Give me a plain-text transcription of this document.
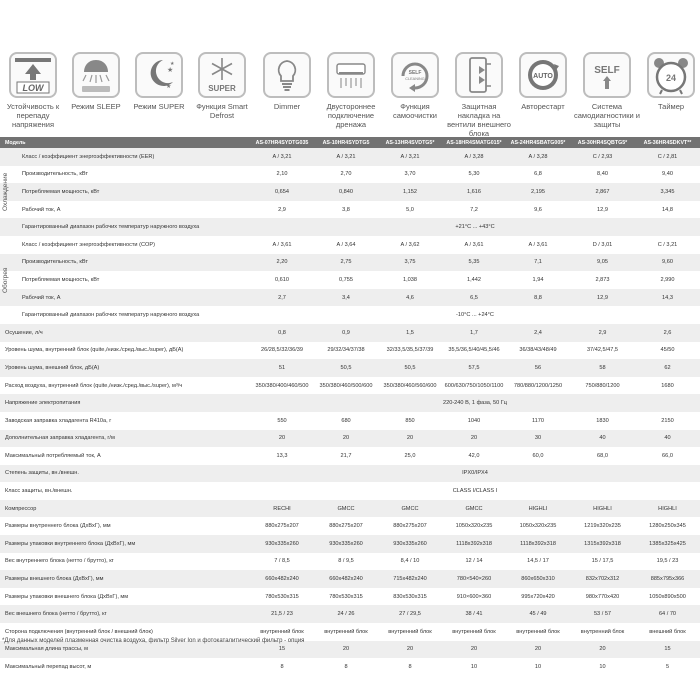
LOW
Устойчивость к перепаду напряжения
Режим SLEEP
★
★
★
Режим SUPER
SUPER
Функция Smart Defrost
Dimmer	Двустороннее подключение дренажа
SELF
CLEANING
Функция самоочистки
Защитная накладка на вентили внешнего блока
AUTO
Авторестарт
SELF
Система самодиагностики и защиты
24
Таймер
Модель	AS-07HR4SYDTG035	AS-10HR4SYDTG5	AS-13HR4SVDTG5*	AS-18HR4SMATG015*	AS-24HR4SBATG005*	AS-30HR4SQBTG5*	AS-36HR4SDKVT**
Класс / коэффициент энергоэффективности (EER)	A / 3,21	A / 3,21	A / 3,21	A / 3,28	A / 3,28	C / 2,93	C / 2,81
Производительность, кВт	2,10	2,70	3,70	5,30	6,8	8,40	9,40
Потребляемая мощность, кВт	0,654	0,840	1,152	1,616	2,195	2,867	3,345
Рабочий ток, А	2,9	3,8	5,0	7,2	9,6	12,9	14,8
Гарантированный диапазон рабочих температур наружного воздуха	+21°C ... +43°C						
Класс / коэффициент энергоэффективности (COP)	A / 3,61	A / 3,64	A / 3,62	A / 3,61	A / 3,61	D / 3,01	C / 3,21
Производительность, кВт	2,20	2,75	3,75	5,35	7,1	9,05	9,60
Потребляемая мощность, кВт	0,610	0,755	1,038	1,442	1,94	2,873	2,990
Рабочий ток, А	2,7	3,4	4,6	6,5	8,8	12,9	14,3
Гарантированный диапазон рабочих температур наружного воздуха	-10°C ... +24°C						
Осушение, л/ч	0,8	0,9	1,5	1,7	2,4	2,9	2,6
Уровень шума, внутренний блок (quite,/низк./сред./выс./super), дБ(А)	26/28,5/32/36/39	29/32/34/37/38	32/33,5/35,5/37/39	35,5/36,5/40/45,5/46	36/38/43/48/49	37/42,5/47,5	45/50
Уровень шума, внешний блок, дБ(А)	51	50,5	50,5	57,5	56	58	62
Расход воздуха, внутренний блок (quite,/низк./сред./выс./super), м³/ч	350/380/400/460/500	350/380/460/500/600	350/380/460/560/600	600/630/750/1050/1100	780/880/1200/1250	750/880/1200	1680
Напряжение электропитания	220-240 В, 1 фаза, 50 Гц						
Заводская заправка хладагента R410a, г	550	680	850	1040	1170	1830	2150
Дополнительная заправка хладагента, г/м	20	20	20	20	30	40	40
Максимальный потребляемый ток, А	13,3	21,7	25,0	42,0	60,0	68,0	66,0
Степень защиты, вн./внешн.	IPX0/IPX4						
Класс защиты, вн./внешн.	CLASS I/CLASS I						
Компрессор	RECHI	GMCC	GMCC	GMCC	HIGHLI	HIGHLI	HIGHLI
Размеры внутреннего блока (ДхВхГ), мм	880x275x207	880x275x207	880x275x207	1050x320x235	1050x320x235	1219x320x235	1280x250x345
Размеры упаковки внутреннего блока (ДхВхГ), мм	930x335x260	930x335x260	930x335x260	1118x392x318	1118x392x318	1315x392x318	1385x325x425
Вес внутреннего блока (нетто / брутто), кг	7 / 8,5	8 / 9,5	8,4 / 10	12 / 14	14,5 / 17	15 / 17,5	19,5 / 23
Размеры внешнего блока (ДхВхГ), мм	660x482x240	660x482x240	715x482x240	780×540×260	860x650x310	832x702x312	885x795x366
Размеры упаковки внешнего блока (ДхВхГ), мм	780x530x315	780x530x315	830x530x315	910×600×360	995x720x420	980x770x420	1050x890x500
Вес внешнего блока (нетто / брутто), кг	21,5 / 23	24 / 26	27 / 29,5	38 / 41	45 / 49	53 / 57	64 / 70
Сторона подключения (внутренний блок / внешний блок)	внутренний блок	внутренний блок	внутренний блок	внутренний блок	внутренний блок	внутренний блок	внешний блок
Максимальная длина трассы, м	15	20	20	20	20	20	15
Максимальный перепад высот, м	8	8	8	10	10	10	5
*Для данных моделей плазменная очистка воздуха, фильтр Silver Ion и фотокаталитический фильтр - опция
Охлаждение
Обогрев
